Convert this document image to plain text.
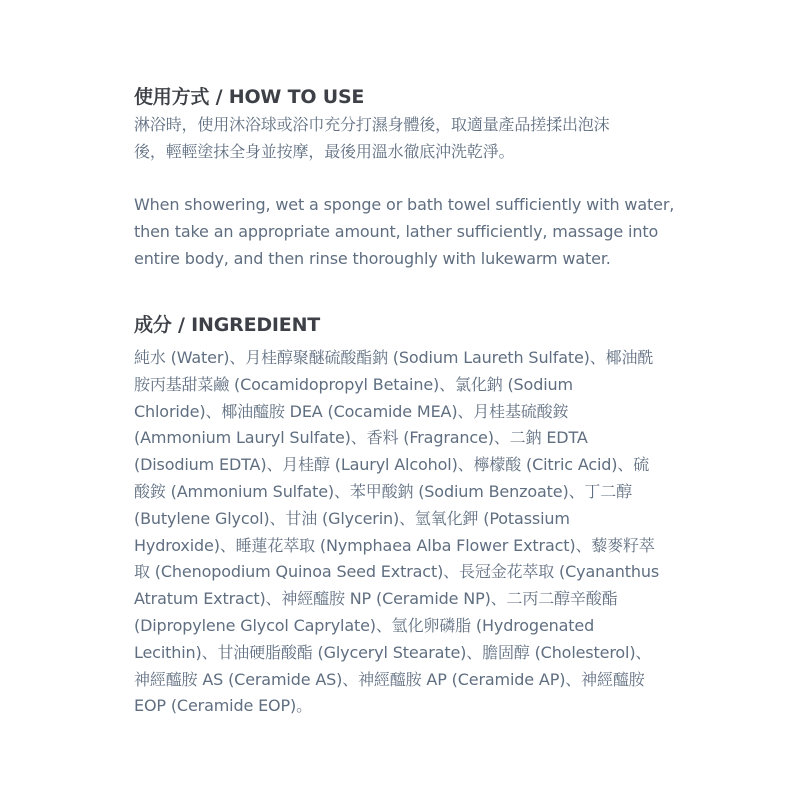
使用方式 / HOW TO USE
淋浴時，使用沐浴球或浴巾充分打濕身體後，取適量產品搓揉出泡沫
後，輕輕塗抹全身並按摩，最後用溫水徹底沖洗乾淨。
When showering, wet a sponge or bath towel sufficiently with water,
then take an appropriate amount, lather sufficiently, massage into
entire body, and then rinse thoroughly with lukewarm water.
成分 / INGREDIENT
純水 (Water)、月桂醇聚醚硫酸酯鈉 (Sodium Laureth Sulfate)、椰油酰
胺丙基甜菜鹼 (Cocamidopropyl Betaine)、氯化鈉 (Sodium
Chloride)、椰油醯胺 DEA (Cocamide MEA)、月桂基硫酸銨
(Ammonium Lauryl Sulfate)、香料 (Fragrance)、二鈉 EDTA
(Disodium EDTA)、月桂醇 (Lauryl Alcohol)、檸檬酸 (Citric Acid)、硫
酸銨 (Ammonium Sulfate)、苯甲酸鈉 (Sodium Benzoate)、丁二醇
(Butylene Glycol)、甘油 (Glycerin)、氫氧化鉀 (Potassium
Hydroxide)、睡蓮花萃取 (Nymphaea Alba Flower Extract)、藜麥籽萃
取 (Chenopodium Quinoa Seed Extract)、長冠金花萃取 (Cyananthus
Atratum Extract)、神經醯胺 NP (Ceramide NP)、二丙二醇辛酸酯
(Dipropylene Glycol Caprylate)、氫化卵磷脂 (Hydrogenated
Lecithin)、甘油硬脂酸酯 (Glyceryl Stearate)、膽固醇 (Cholesterol)、
神經醯胺 AS (Ceramide AS)、神經醯胺 AP (Ceramide AP)、神經醯胺
EOP (Ceramide EOP)。
